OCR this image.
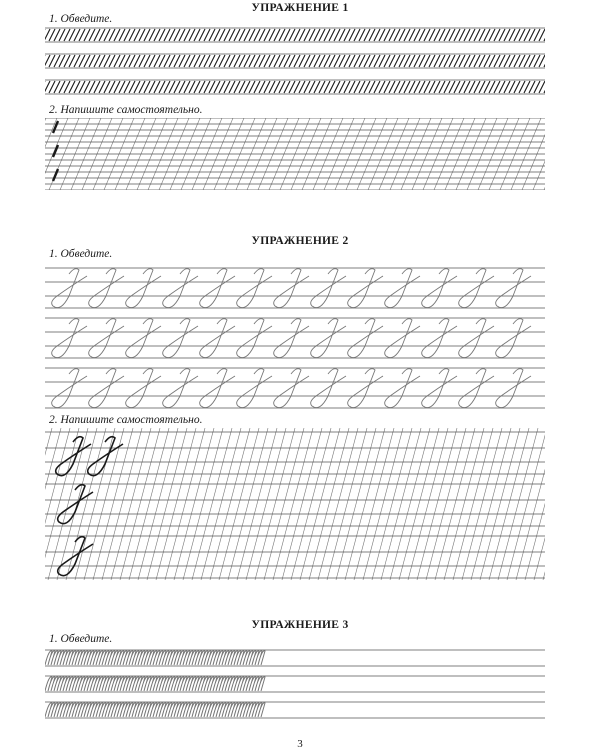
УПРАЖНЕНИЕ 1
1. Обведите.
2. Напишите самостоятельно.
УПРАЖНЕНИЕ 2
1. Обведите.
2. Напишите самостоятельно.
УПРАЖНЕНИЕ 3
1. Обведите.
3
